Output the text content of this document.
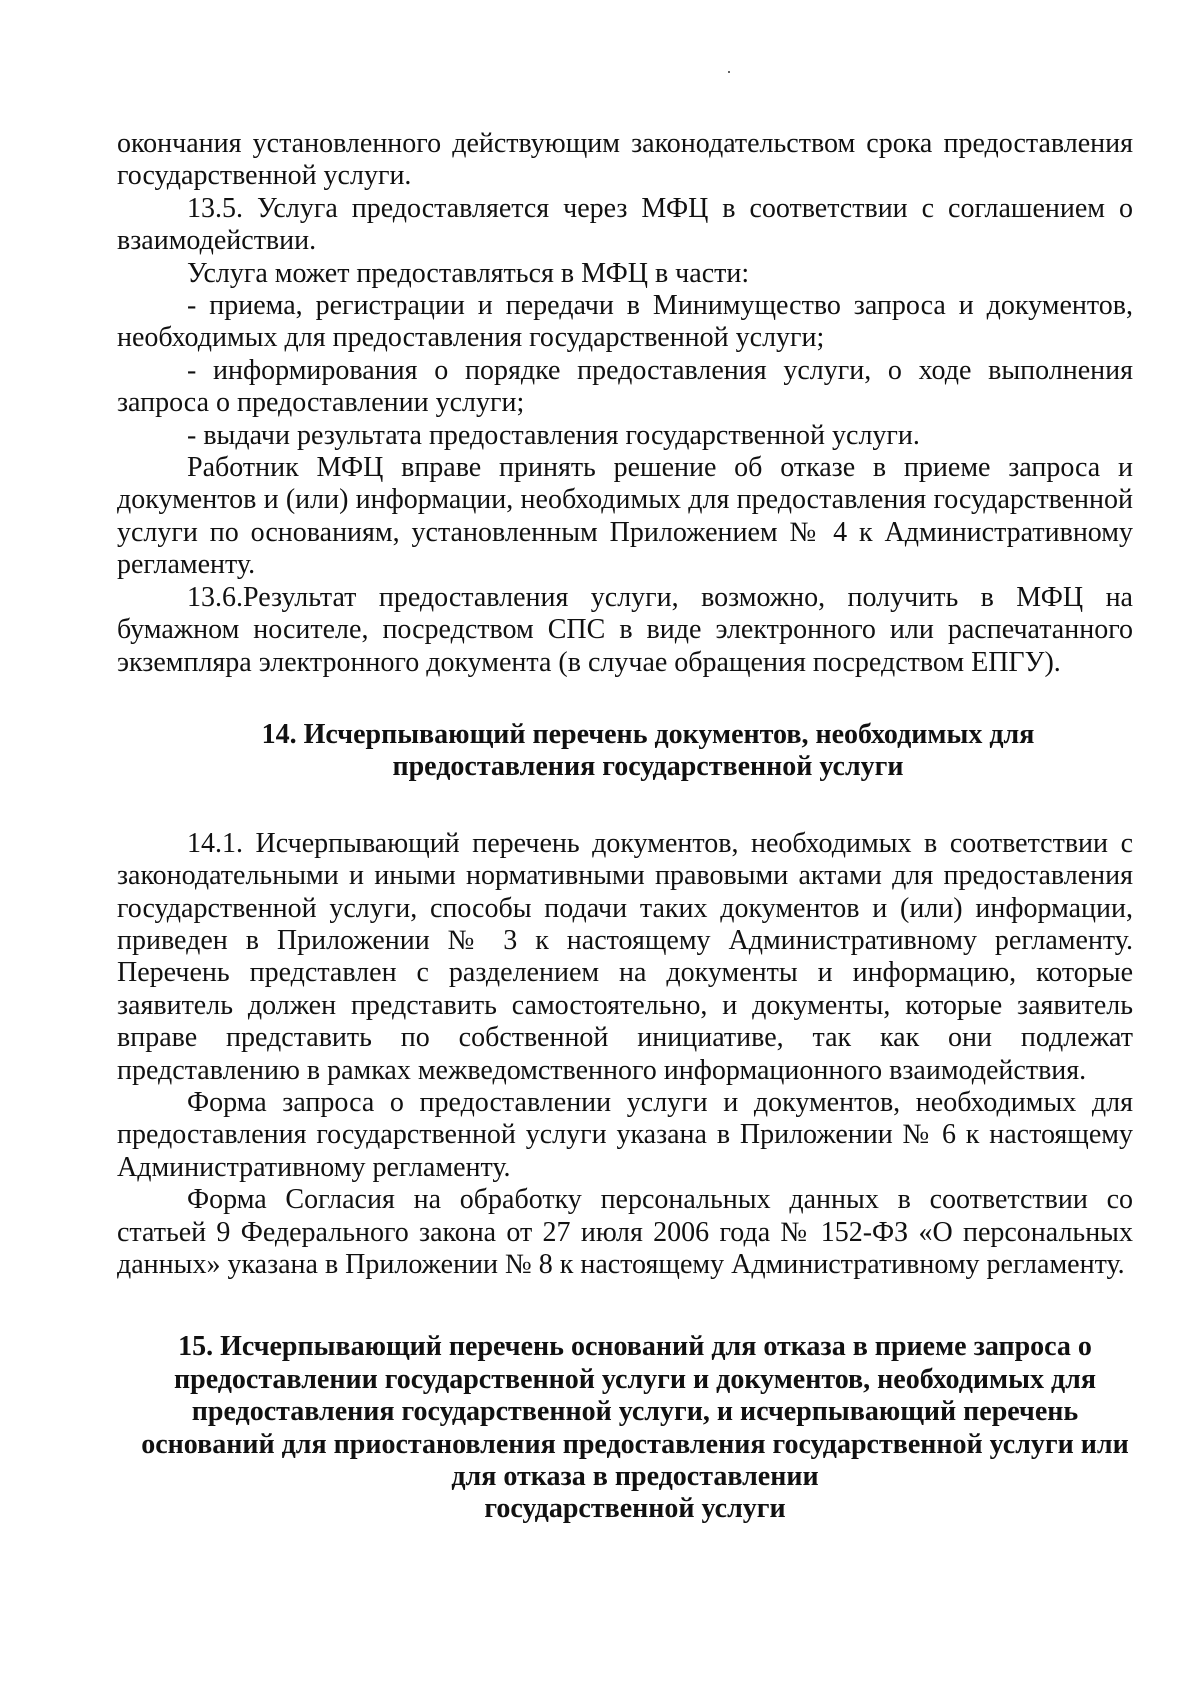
окончания установленного действующим законодательством срока предоставления государственной услуги.

13.5. Услуга предоставляется через МФЦ в соответствии с соглашением о взаимодействии.

Услуга может предоставляться в МФЦ в части:

- приема, регистрации и передачи в Минимущество запроса и документов, необходимых для предоставления государственной услуги;

- информирования о порядке предоставления услуги, о ходе выполнения запроса о предоставлении услуги;

- выдачи результата предоставления государственной услуги.

Работник МФЦ вправе принять решение об отказе в приеме запроса и документов и (или) информации, необходимых для предоставления государственной услуги по основаниям, установленным Приложением № 4 к Административному регламенту.

13.6.Результат предоставления услуги, возможно, получить в МФЦ на бумажном носителе, посредством СПС в виде электронного или распечатанного экземпляра электронного документа (в случае обращения посредством ЕПГУ).

14. Исчерпывающий перечень документов, необходимых для
предоставления государственной услуги

14.1. Исчерпывающий перечень документов, необходимых в соответствии с законодательными и иными нормативными правовыми актами для предоставления государственной услуги, способы подачи таких документов и (или) информации, приведен в Приложении № 3 к настоящему Административному регламенту. Перечень представлен с разделением на документы и информацию, которые заявитель должен представить самостоятельно, и документы, которые заявитель вправе представить по собственной инициативе, так как они подлежат представлению в рамках межведомственного информационного взаимодействия.

Форма запроса о предоставлении услуги и документов, необходимых для предоставления государственной услуги указана в Приложении № 6 к настоящему Административному регламенту.

Форма Согласия на обработку персональных данных в соответствии со статьей 9 Федерального закона от 27 июля 2006 года № 152-ФЗ «О персональных данных» указана в Приложении № 8 к настоящему Административному регламенту.

15. Исчерпывающий перечень оснований для отказа в приеме запроса о
предоставлении государственной услуги и документов, необходимых для
предоставления государственной услуги, и исчерпывающий перечень
оснований для приостановления предоставления государственной услуги или
для отказа в предоставлении
государственной услуги
